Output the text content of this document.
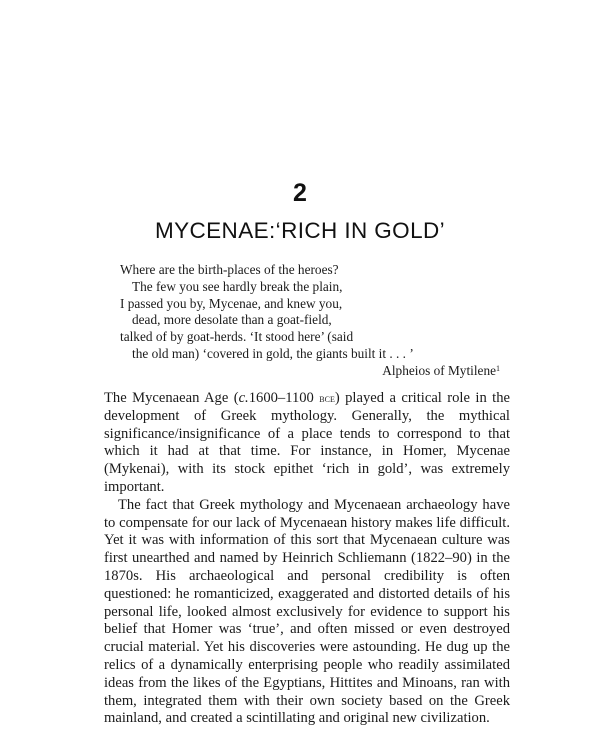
2
MYCENAE:‘RICH IN GOLD’
Where are the birth-places of the heroes?
The few you see hardly break the plain,
I passed you by, Mycenae, and knew you,
dead, more desolate than a goat-field,
talked of by goat-herds. ‘It stood here’ (said
the old man) ‘covered in gold, the giants built it . . . ’
Alpheios of Mytilene$^1$

The Mycenaean Age (c.1600–1100 bce) played a critical role in the development of Greek mythology. Generally, the mythical significance/insignificance of a place tends to correspond to that which it had at that time. For instance, in Homer, Mycenae (Mykenai), with its stock epithet ‘rich in gold’, was extremely important.

The fact that Greek mythology and Mycenaean archaeology have to compensate for our lack of Mycenaean history makes life difficult. Yet it was with information of this sort that Mycenaean culture was first unearthed and named by Heinrich Schliemann (1822–90) in the 1870s. His archaeological and personal credibility is often questioned: he romanticized, exaggerated and distorted details of his personal life, looked almost exclusively for evidence to support his belief that Homer was ‘true’, and often missed or even destroyed crucial material. Yet his discoveries were astounding. He dug up the relics of a dynamically enterprising people who readily assimilated ideas from the likes of the Egyptians, Hittites and Minoans, ran with them, integrated them with their own society based on the Greek mainland, and created a scintillating and original new civilization.
